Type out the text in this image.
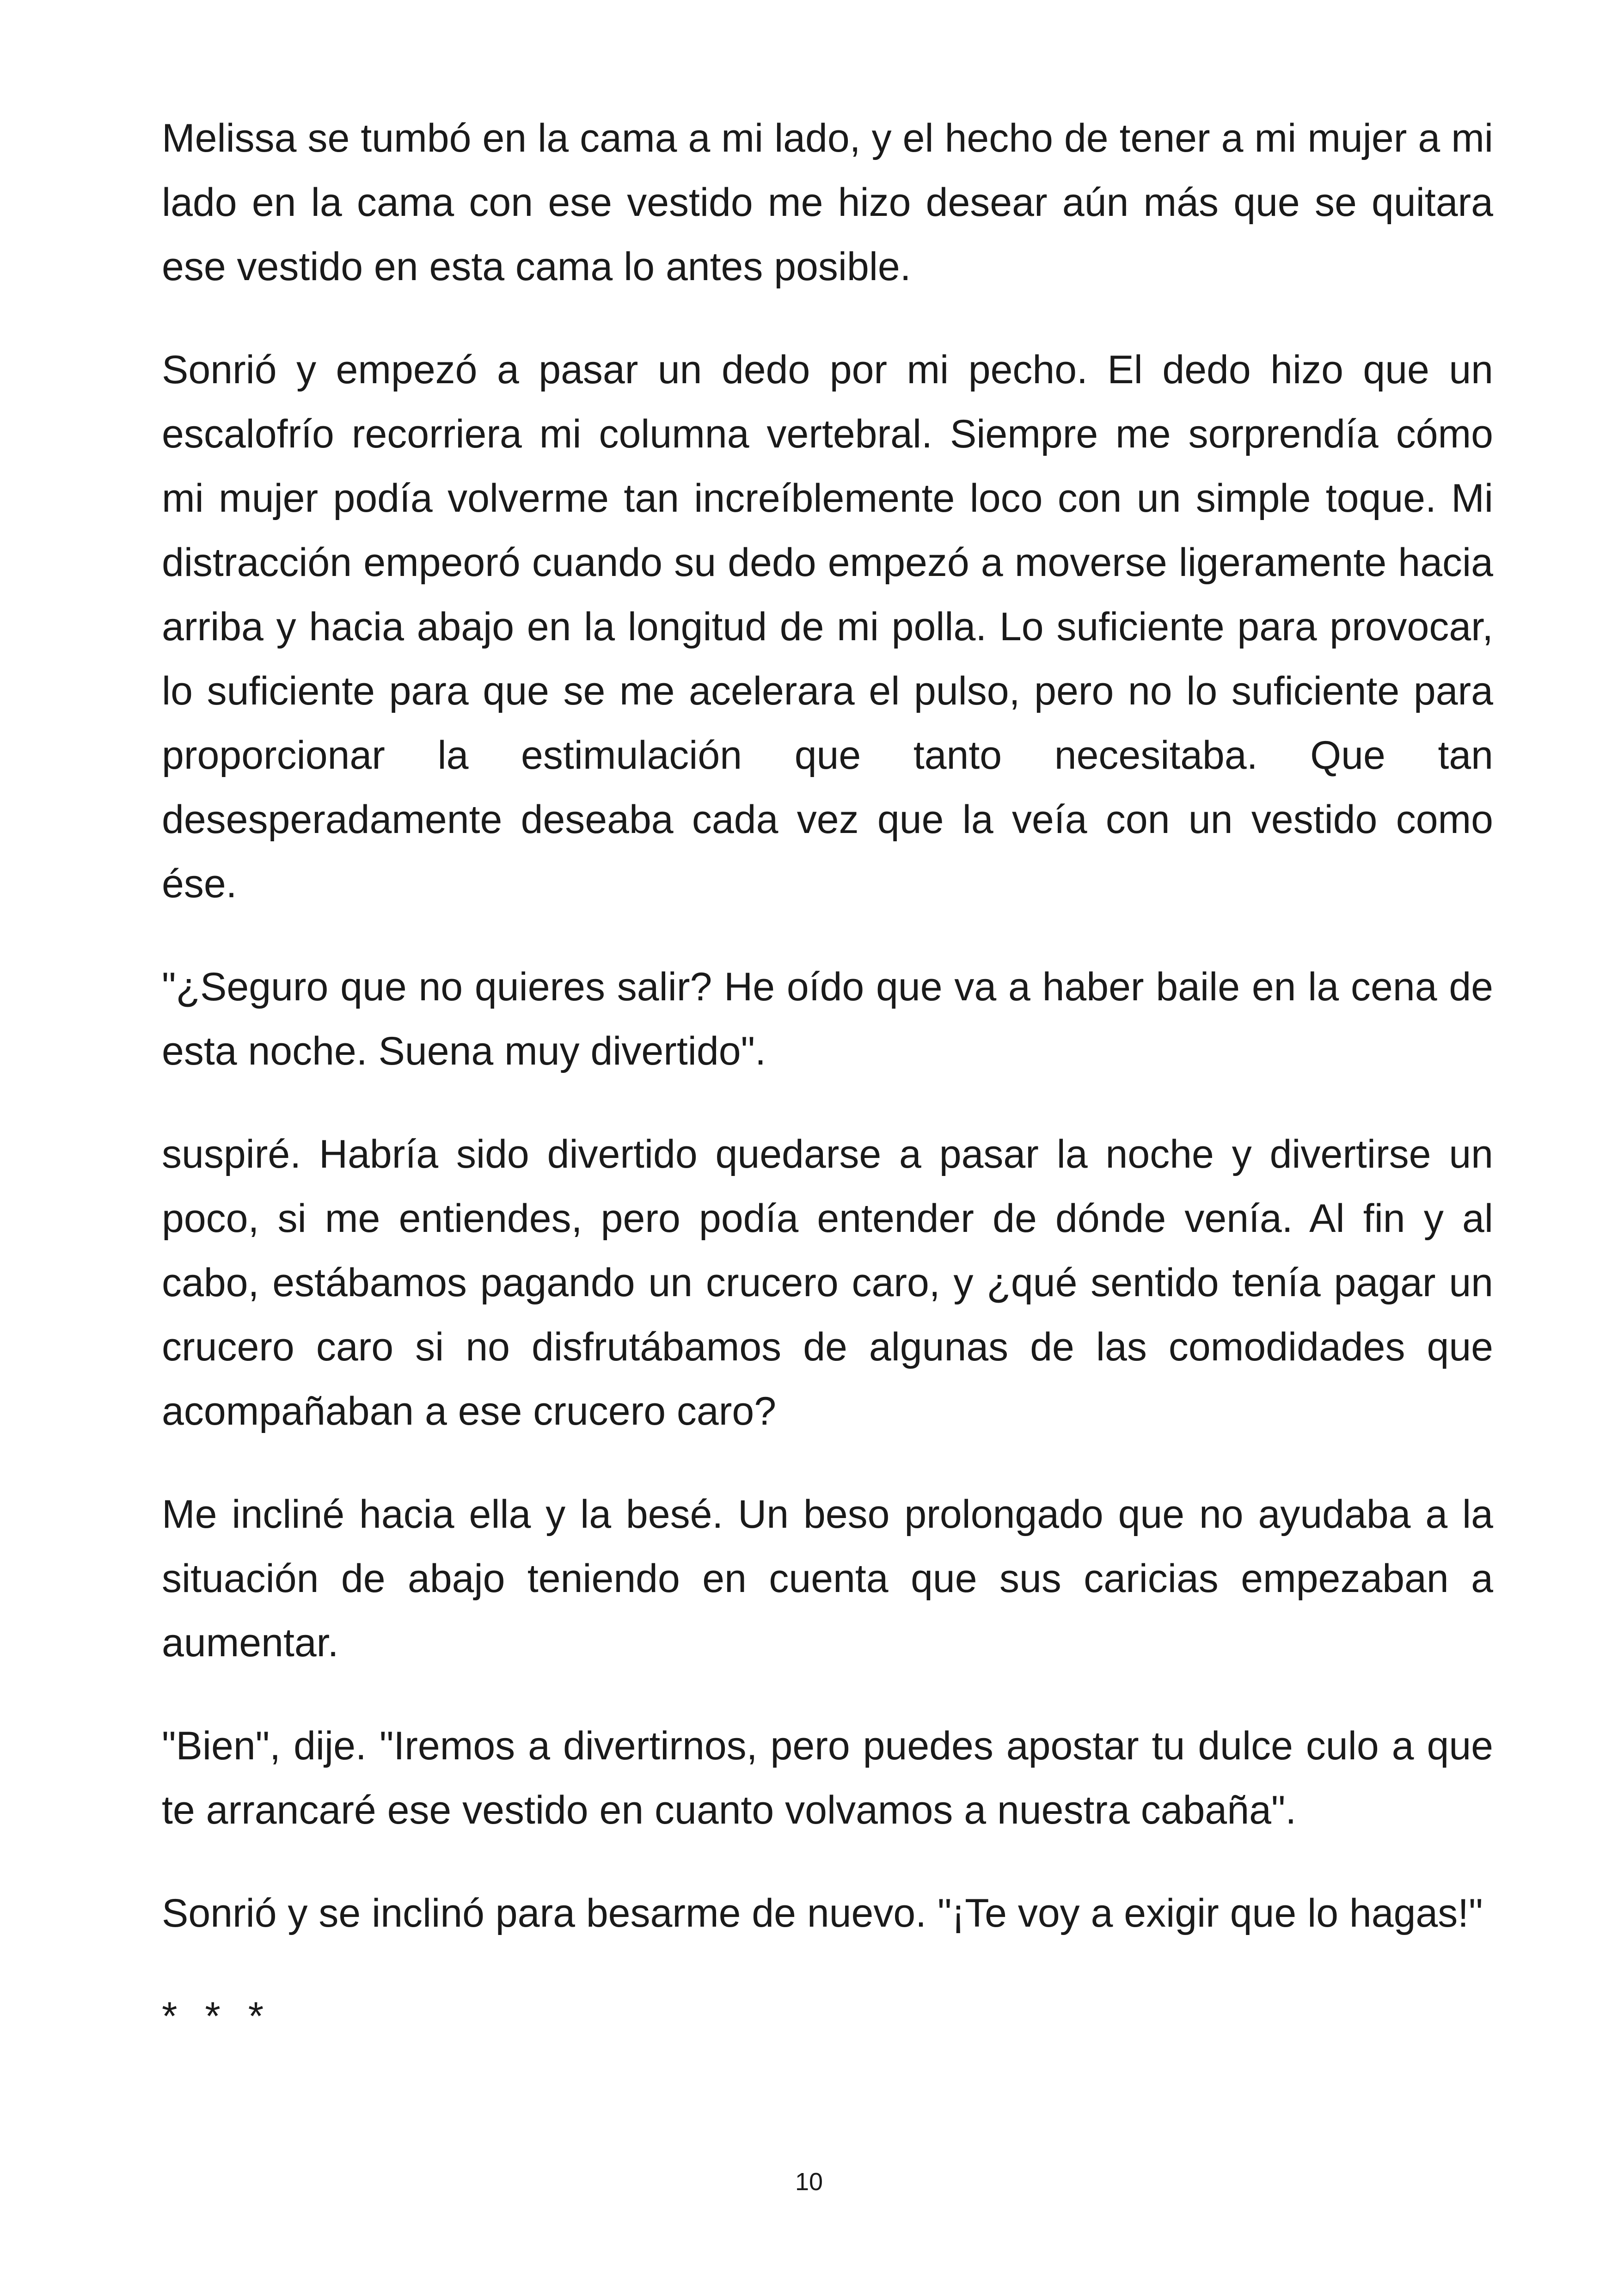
Melissa se tumbó en la cama a mi lado, y el hecho de tener a mi mujer a mi lado en la cama con ese vestido me hizo desear aún más que se quitara ese vestido en esta cama lo antes posible.

Sonrió y empezó a pasar un dedo por mi pecho. El dedo hizo que un escalofrío recorriera mi columna vertebral. Siempre me sorprendía cómo mi mujer podía volverme tan increíblemente loco con un simple toque. Mi distracción empeoró cuando su dedo empezó a moverse ligeramente hacia arriba y hacia abajo en la longitud de mi polla. Lo suficiente para provocar, lo suficiente para que se me acelerara el pulso, pero no lo suficiente para proporcionar la estimulación que tanto necesitaba. Que tan desesperadamente deseaba cada vez que la veía con un vestido como ése.

"¿Seguro que no quieres salir? He oído que va a haber baile en la cena de esta noche. Suena muy divertido".

suspiré. Habría sido divertido quedarse a pasar la noche y divertirse un poco, si me entiendes, pero podía entender de dónde venía. Al fin y al cabo, estábamos pagando un crucero caro, y ¿qué sentido tenía pagar un crucero caro si no disfrutábamos de algunas de las comodidades que acompañaban a ese crucero caro?

Me incliné hacia ella y la besé. Un beso prolongado que no ayudaba a la situación de abajo teniendo en cuenta que sus caricias empezaban a aumentar.

"Bien", dije. "Iremos a divertirnos, pero puedes apostar tu dulce culo a que te arrancaré ese vestido en cuanto volvamos a nuestra cabaña".

Sonrió y se inclinó para besarme de nuevo. "¡Te voy a exigir que lo hagas!"

* * *

10
